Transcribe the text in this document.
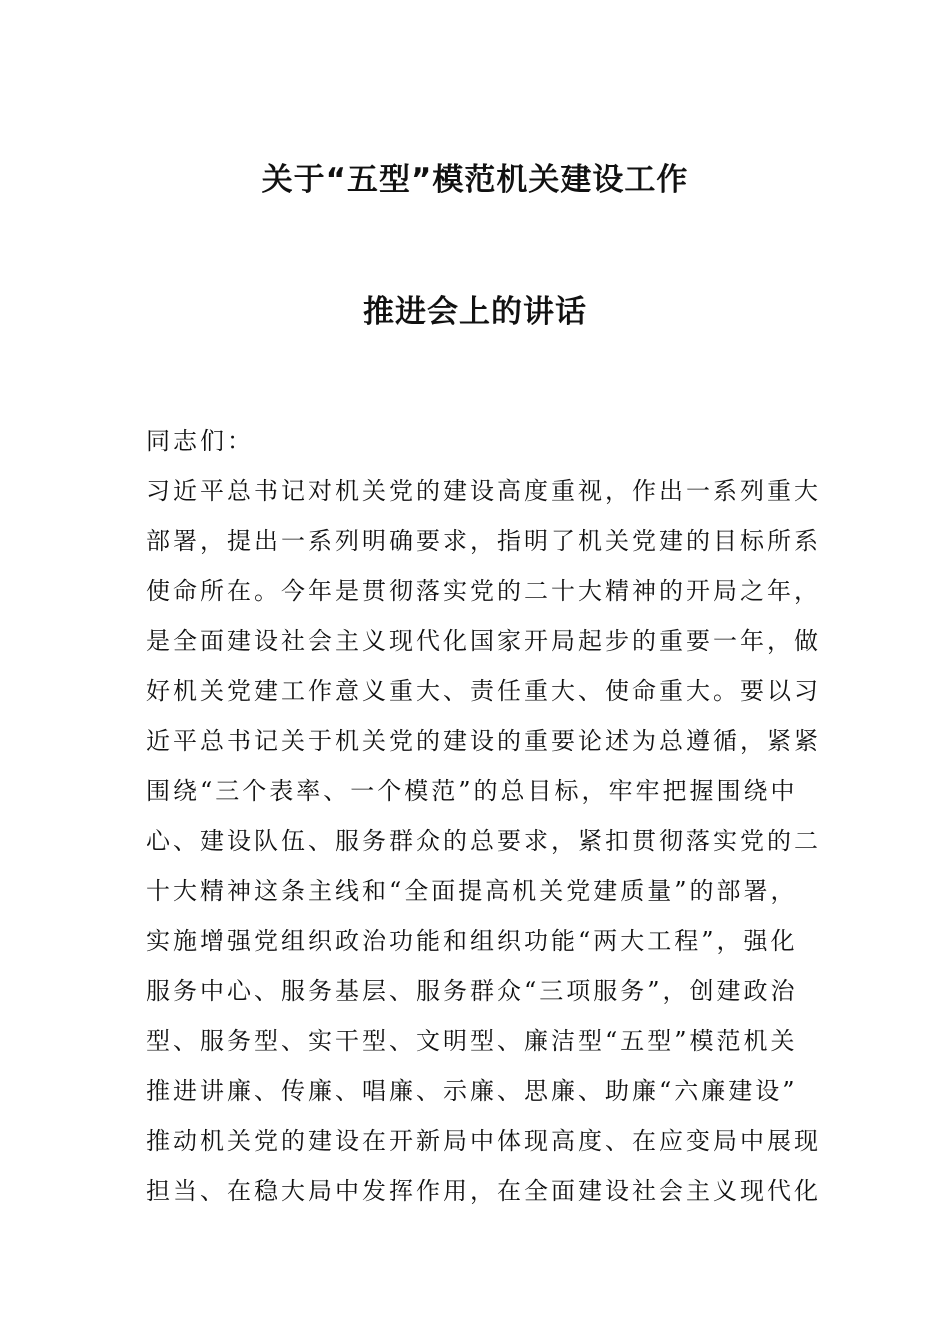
关于“五型”模范机关建设工作
推进会上的讲话
同志们：
习近平总书记对机关党的建设高度重视，作出一系列重大
部署，提出一系列明确要求，指明了机关党建的目标所系
使命所在。今年是贯彻落实党的二十大精神的开局之年，
是全面建设社会主义现代化国家开局起步的重要一年，做
好机关党建工作意义重大、责任重大、使命重大。要以习
近平总书记关于机关党的建设的重要论述为总遵循，紧紧
围绕“三个表率、一个模范”的总目标，牢牢把握围绕中
心、建设队伍、服务群众的总要求，紧扣贯彻落实党的二
十大精神这条主线和“全面提高机关党建质量”的部署，
实施增强党组织政治功能和组织功能“两大工程”，强化
服务中心、服务基层、服务群众“三项服务”，创建政治
型、服务型、实干型、文明型、廉洁型“五型”模范机关
推进讲廉、传廉、唱廉、示廉、思廉、助廉“六廉建设”
推动机关党的建设在开新局中体现高度、在应变局中展现
担当、在稳大局中发挥作用，在全面建设社会主义现代化
